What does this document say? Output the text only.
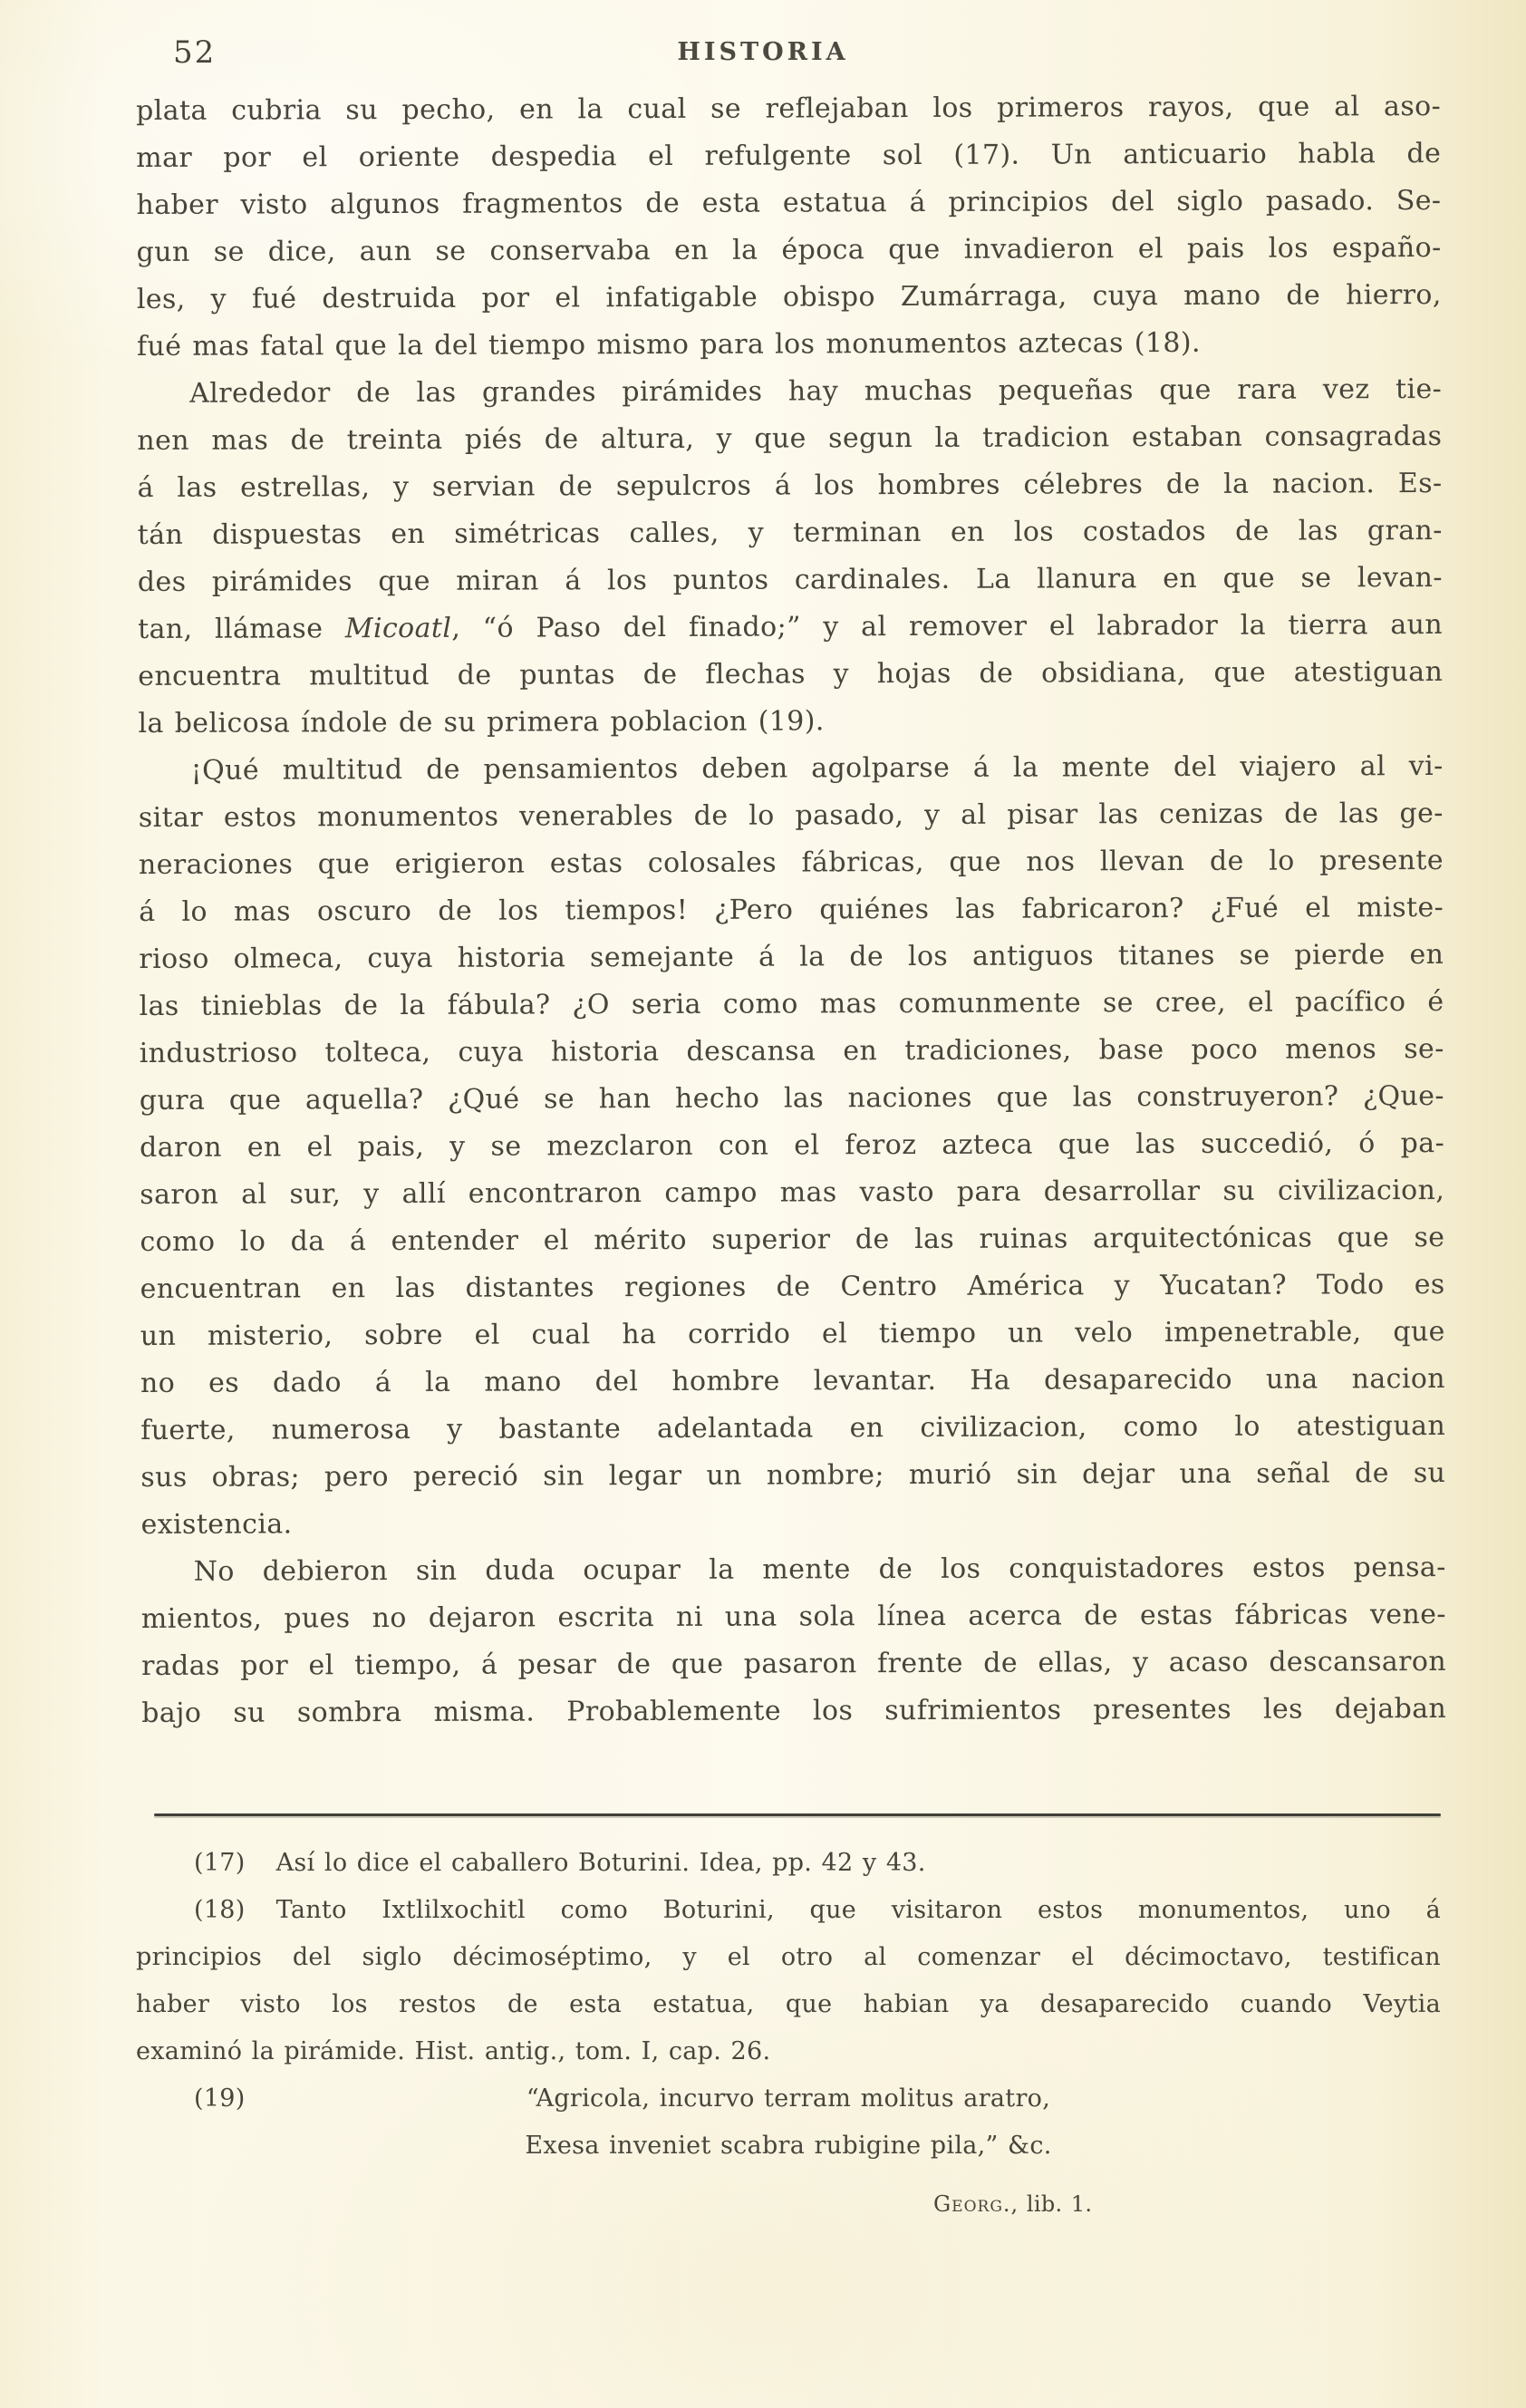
52	HISTORIA
plata cubria su pecho, en la cual se reflejaban los primeros rayos, que al aso-
mar por el oriente despedia el refulgente sol (17). Un anticuario habla de
haber visto algunos fragmentos de esta estatua á principios del siglo pasado. Se-
gun se dice, aun se conservaba en la época que invadieron el pais los españo-
les, y fué destruida por el infatigable obispo Zumárraga, cuya mano de hierro,
fué mas fatal que la del tiempo mismo para los monumentos aztecas (18).
Alrededor de las grandes pirámides hay muchas pequeñas que rara vez tie-
nen mas de treinta piés de altura, y que segun la tradicion estaban consagradas
á las estrellas, y servian de sepulcros á los hombres célebres de la nacion. Es-
tán dispuestas en simétricas calles, y terminan en los costados de las gran-
des pirámides que miran á los puntos cardinales. La llanura en que se levan-
tan, llámase Micoatl, “ó Paso del finado;” y al remover el labrador la tierra aun
encuentra multitud de puntas de flechas y hojas de obsidiana, que atestiguan
la belicosa índole de su primera poblacion (19).
¡Qué multitud de pensamientos deben agolparse á la mente del viajero al vi-
sitar estos monumentos venerables de lo pasado, y al pisar las cenizas de las ge-
neraciones que erigieron estas colosales fábricas, que nos llevan de lo presente
á lo mas oscuro de los tiempos! ¿Pero quiénes las fabricaron? ¿Fué el miste-
rioso olmeca, cuya historia semejante á la de los antiguos titanes se pierde en
las tinieblas de la fábula? ¿O seria como mas comunmente se cree, el pacífico é
industrioso tolteca, cuya historia descansa en tradiciones, base poco menos se-
gura que aquella? ¿Qué se han hecho las naciones que las construyeron? ¿Que-
daron en el pais, y se mezclaron con el feroz azteca que las succedió, ó pa-
saron al sur, y allí encontraron campo mas vasto para desarrollar su civilizacion,
como lo da á entender el mérito superior de las ruinas arquitectónicas que se
encuentran en las distantes regiones de Centro América y Yucatan? Todo es
un misterio, sobre el cual ha corrido el tiempo un velo impenetrable, que
no es dado á la mano del hombre levantar. Ha desaparecido una nacion
fuerte, numerosa y bastante adelantada en civilizacion, como lo atestiguan
sus obras; pero pereció sin legar un nombre; murió sin dejar una señal de su
existencia.
No debieron sin duda ocupar la mente de los conquistadores estos pensa-
mientos, pues no dejaron escrita ni una sola línea acerca de estas fábricas vene-
radas por el tiempo, á pesar de que pasaron frente de ellas, y acaso descansaron
bajo su sombra misma. Probablemente los sufrimientos presentes les dejaban
(17) Así lo dice el caballero Boturini. Idea, pp. 42 y 43.
(18) Tanto Ixtlilxochitl como Boturini, que visitaron estos monumentos, uno á
principios del siglo décimoséptimo, y el otro al comenzar el décimoctavo, testifican
haber visto los restos de esta estatua, que habian ya desaparecido cuando Veytia
examinó la pirámide. Hist. antig., tom. I, cap. 26.
(19)	“Agricola, incurvo terram molitus aratro,
Exesa inveniet scabra rubigine pila,” &c.
Georg., lib. 1.
